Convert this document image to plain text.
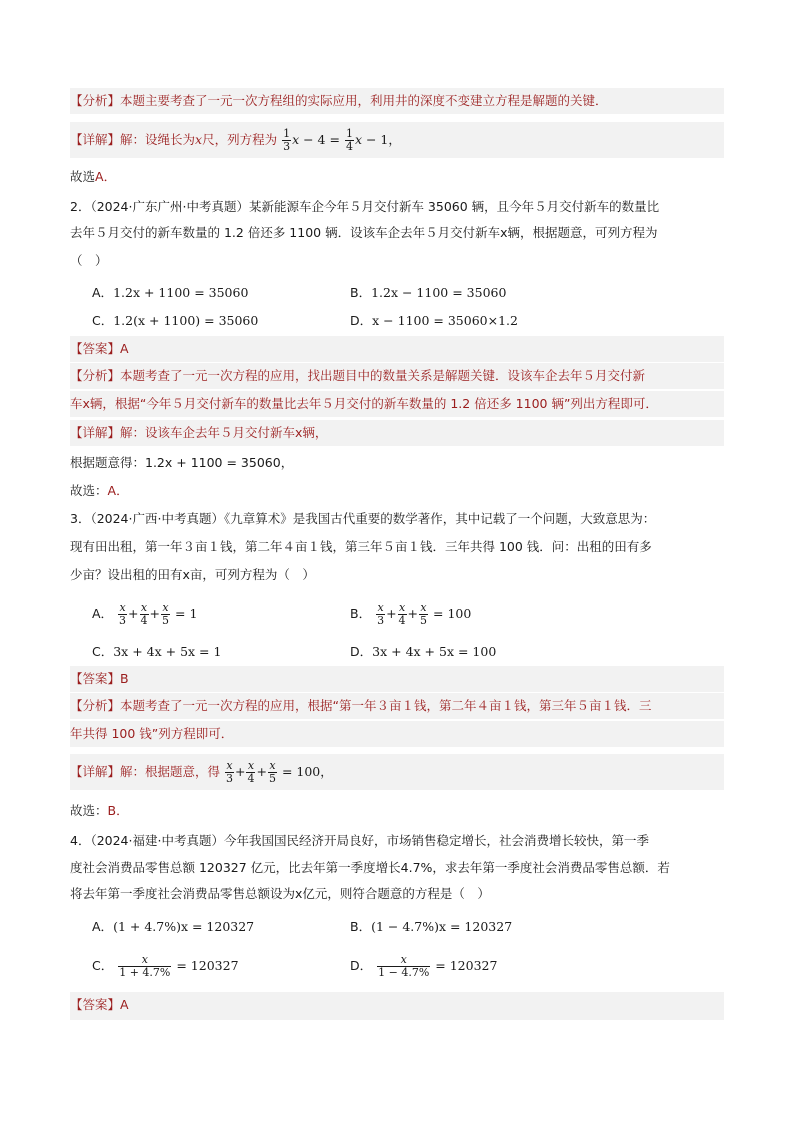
【分析】本题主要考查了一元一次方程组的实际应用，利用井的深度不变建立方程是解题的关键．
【详解】解：设绳长为x尺，列方程为 $\frac{1}{3}$ $x - 4 = \frac{1}{4}$ x − 1，
故选A．
2．（2024·广东广州·中考真题）某新能源车企今年５月交付新车 35060 辆，且今年５月交付新车的数量比
去年５月交付的新车数量的 1.2 倍还多 1100 辆．设该车企去年５月交付新车x辆，根据题意，可列方程为
（　）
A．1.2x + 1100 = 35060	B．1.2x − 1100 = 35060
C．1.2(x + 1100) = 35060	D．x − 1100 = 35060×1.2
【答案】A
【分析】本题考查了一元一次方程的应用，找出题目中的数量关系是解题关键．设该车企去年５月交付新
车x辆，根据“今年５月交付新车的数量比去年５月交付的新车数量的 1.2 倍还多 1100 辆”列出方程即可．
【详解】解：设该车企去年５月交付新车x辆，
根据题意得：1.2x + 1100 = 35060，
故选：A．
3．（2024·广西·中考真题）《九章算术》是我国古代重要的数学著作，其中记载了一个问题，大致意思为：
现有田出租，第一年３亩１钱，第二年４亩１钱，第三年５亩１钱．三年共得 100 钱．问：出租的田有多
少亩？设出租的田有x亩，可列方程为（　）
A． $\frac{x}{3} + \frac{x}{4} + \frac{x}{5} = 1$	B． $\frac{x}{3} + \frac{x}{4} + \frac{x}{5} = 100$
C．3x + 4x + 5x = 1	D．3x + 4x + 5x = 100
【答案】B
【分析】本题考查了一元一次方程的应用，根据“第一年３亩１钱，第二年４亩１钱，第三年５亩１钱．三
年共得 100 钱”列方程即可．
【详解】解：根据题意，得 $\frac{x}{3} + \frac{x}{4} + \frac{x}{5} = 100$，
故选：B．
4．（2024·福建·中考真题）今年我国国民经济开局良好，市场销售稳定增长，社会消费增长较快，第一季
度社会消费品零售总额 120327 亿元，比去年第一季度增长4.7%，求去年第一季度社会消费品零售总额．若
将去年第一季度社会消费品零售总额设为x亿元，则符合题意的方程是（　）
A．(1 + 4.7%)x = 120327	B．(1 − 4.7%)x = 120327
C． $\frac{x}{1 + 4.7\%} = 120327$	D． $\frac{x}{1 - 4.7\%} = 120327$
【答案】A
